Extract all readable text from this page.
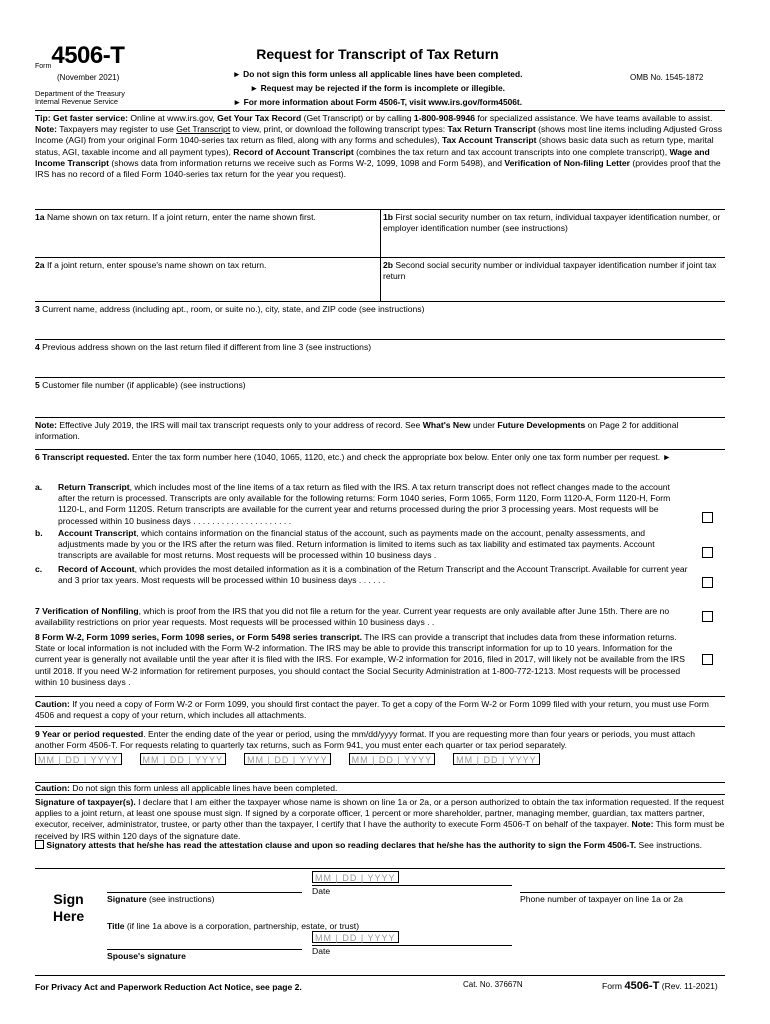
Form4506-T
(November 2021)
Department of the Treasury
Internal Revenue Service
Request for Transcript of Tax Return
► Do not sign this form unless all applicable lines have been completed.
► Request may be rejected if the form is incomplete or illegible.
► For more information about Form 4506-T, visit www.irs.gov/form4506t.
OMB No. 1545-1872
Tip: Get faster service: Online at www.irs.gov, Get Your Tax Record (Get Transcript) or by calling 1-800-908-9946 for specialized assistance. We have teams available to assist. Note: Taxpayers may register to use Get Transcript to view, print, or download the following transcript types: Tax Return Transcript (shows most line items including Adjusted Gross Income (AGI) from your original Form 1040-series tax return as filed, along with any forms and schedules), Tax Account Transcript (shows basic data such as return type, marital status, AGI, taxable income and all payment types), Record of Account Transcript (combines the tax return and tax account transcripts into one complete transcript), Wage and Income Transcript (shows data from information returns we receive such as Forms W-2, 1099, 1098 and Form 5498), and Verification of Non-filing Letter (provides proof that the IRS has no record of a filed Form 1040-series tax return for the year you request).
1a Name shown on tax return. If a joint return, enter the name shown first.	1b First social security number on tax return, individual taxpayer identification number, or employer identification number (see instructions)
2a If a joint return, enter spouse's name shown on tax return.	2b Second social security number or individual taxpayer identification number if joint tax return
3 Current name, address (including apt., room, or suite no.), city, state, and ZIP code (see instructions)
4 Previous address shown on the last return filed if different from line 3 (see instructions)
5 Customer file number (if applicable) (see instructions)
Note: Effective July 2019, the IRS will mail tax transcript requests only to your address of record. See What's New under Future Developments on Page 2 for additional information.
6 Transcript requested. Enter the tax form number here (1040, 1065, 1120, etc.) and check the appropriate box below. Enter only one tax form number per request. ►
a.	Return Transcript, which includes most of the line items of a tax return as filed with the IRS. A tax return transcript does not reflect changes made to the account after the return is processed. Transcripts are only available for the following returns: Form 1040 series, Form 1065, Form 1120, Form 1120-A, Form 1120-H, Form 1120-L, and Form 1120S. Return transcripts are available for the current year and returns processed during the prior 3 processing years. Most requests will be processed within 10 business days . . . . . . . . . . . . . . . . . . . . .
b.	Account Transcript, which contains information on the financial status of the account, such as payments made on the account, penalty assessments, and adjustments made by you or the IRS after the return was filed. Return information is limited to items such as tax liability and estimated tax payments. Account transcripts are available for most returns. Most requests will be processed within 10 business days .
c.	Record of Account, which provides the most detailed information as it is a combination of the Return Transcript and the Account Transcript. Available for current year and 3 prior tax years. Most requests will be processed within 10 business days . . . . . .
7 Verification of Nonfiling, which is proof from the IRS that you did not file a return for the year. Current year requests are only available after June 15th. There are no availability restrictions on prior year requests. Most requests will be processed within 10 business days . .
8 Form W-2, Form 1099 series, Form 1098 series, or Form 5498 series transcript. The IRS can provide a transcript that includes data from these information returns. State or local information is not included with the Form W-2 information. The IRS may be able to provide this transcript information for up to 10 years. Information for the current year is generally not available until the year after it is filed with the IRS. For example, W-2 information for 2016, filed in 2017, will likely not be available from the IRS until 2018. If you need W-2 information for retirement purposes, you should contact the Social Security Administration at 1-800-772-1213. Most requests will be processed within 10 business days .
Caution: If you need a copy of Form W-2 or Form 1099, you should first contact the payer. To get a copy of the Form W-2 or Form 1099 filed with your return, you must use Form 4506 and request a copy of your return, which includes all attachments.
9 Year or period requested. Enter the ending date of the year or period, using the mm/dd/yyyy format. If you are requesting more than four years or periods, you must attach another Form 4506-T. For requests relating to quarterly tax returns, such as Form 941, you must enter each quarter or tax period separately.
MM | DD | YYYY	MM | DD | YYYY	MM | DD | YYYY	MM | DD | YYYY	MM | DD | YYYY
Caution: Do not sign this form unless all applicable lines have been completed.
Signature of taxpayer(s). I declare that I am either the taxpayer whose name is shown on line 1a or 2a, or a person authorized to obtain the tax information requested. If the request applies to a joint return, at least one spouse must sign. If signed by a corporate officer, 1 percent or more shareholder, partner, managing member, guardian, tax matters partner, executor, receiver, administrator, trustee, or party other than the taxpayer, I certify that I have the authority to execute Form 4506-T on behalf of the taxpayer. Note: This form must be received by IRS within 120 days of the signature date.
Signatory attests that he/she has read the attestation clause and upon so reading declares that he/she has the authority to sign the Form 4506-T. See instructions.
Sign
Here
Signature (see instructions)
MM | DD | YYYY
Date
Phone number of taxpayer on line 1a or 2a
Title (if line 1a above is a corporation, partnership, estate, or trust)
Spouse's signature
MM | DD | YYYY
Date
For Privacy Act and Paperwork Reduction Act Notice, see page 2.	Cat. No. 37667N	Form 4506-T (Rev. 11-2021)
